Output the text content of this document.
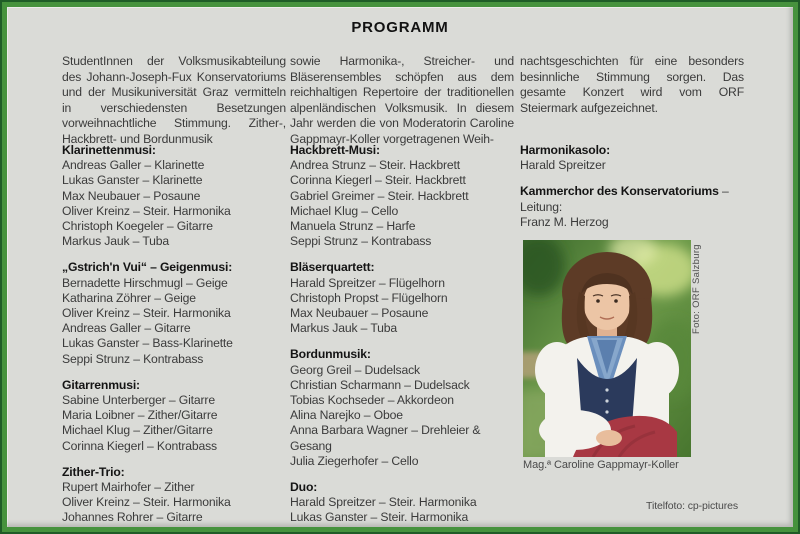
PROGRAMM

StudentInnen der Volksmusikabteilung des Johann-Joseph-Fux Konservatoriums und der Musikuniversität Graz vermitteln in verschiedensten Besetzungen vorweihnachtliche Stimmung. Zither-, Hackbrett- und Bordunmusik

sowie Harmonika-, Streicher- und Bläserensembles schöpfen aus dem reichhaltigen Repertoire der traditionellen alpenländischen Volksmusik. In diesem Jahr werden die von Moderatorin Caroline Gappmayr-Koller vorgetragenen Weih-

nachtsgeschichten für eine besonders besinnliche Stimmung sorgen. Das gesamte Konzert wird vom ORF Steiermark aufgezeichnet.

Klarinettenmusi:
Andreas Galler – Klarinette
Lukas Ganster – Klarinette
Max Neubauer – Posaune
Oliver Kreinz – Steir. Harmonika
Christoph Koegeler – Gitarre
Markus Jauk – Tuba
„Gstrich'n Vui“ – Geigenmusi:
Bernadette Hirschmugl – Geige
Katharina Zöhrer – Geige
Oliver Kreinz – Steir. Harmonika
Andreas Galler – Gitarre
Lukas Ganster – Bass-Klarinette
Seppi Strunz – Kontrabass
Gitarrenmusi:
Sabine Unterberger – Gitarre
Maria Loibner – Zither/Gitarre
Michael Klug – Zither/Gitarre
Corinna Kiegerl – Kontrabass
Zither-Trio:
Rupert Mairhofer – Zither
Oliver Kreinz – Steir. Harmonika
Johannes Rohrer – Gitarre
Hackbrett-Musi:
Andrea Strunz – Steir. Hackbrett
Corinna Kiegerl – Steir. Hackbrett
Gabriel Greimer – Steir. Hackbrett
Michael Klug – Cello
Manuela Strunz – Harfe
Seppi Strunz – Kontrabass
Bläserquartett:
Harald Spreitzer – Flügelhorn
Christoph Propst – Flügelhorn
Max Neubauer – Posaune
Markus Jauk – Tuba
Bordunmusik:
Georg Greil – Dudelsack
Christian Scharmann – Dudelsack
Tobias Kochseder – Akkordeon
Alina Narejko – Oboe
Anna Barbara Wagner – Drehleier & Gesang
Julia Ziegerhofer – Cello
Duo:
Harald Spreitzer – Steir. Harmonika
Lukas Ganster – Steir. Harmonika
Harmonikasolo:
Harald Spreitzer
Kammerchor des Konservatoriums – Leitung:
Franz M. Herzog
Foto: ORF Salzburg
Mag.ª Caroline Gappmayr-Koller
Titelfoto: cp-pictures
